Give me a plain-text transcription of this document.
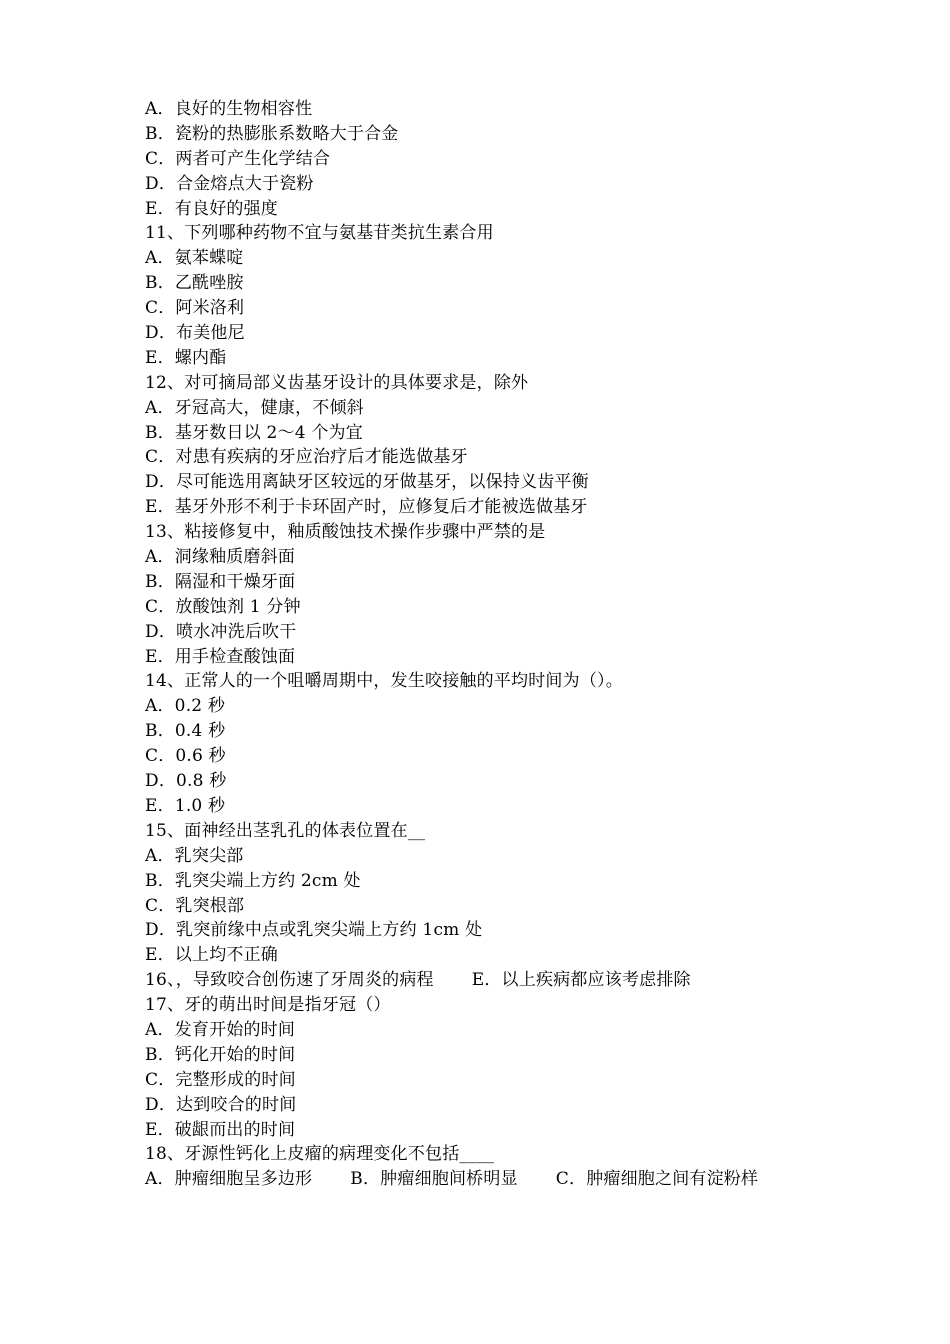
A．良好的生物相容性
B．瓷粉的热膨胀系数略大于合金
C．两者可产生化学结合
D．合金熔点大于瓷粉
E．有良好的强度
11、下列哪种药物不宜与氨基苷类抗生素合用
A．氨苯蝶啶
B．乙酰唑胺
C．阿米洛利
D．布美他尼
E．螺内酯
12、对可摘局部义齿基牙设计的具体要求是，除外
A．牙冠高大，健康，不倾斜
B．基牙数日以 2～4 个为宜
C．对患有疾病的牙应治疗后才能选做基牙
D．尽可能选用离缺牙区较远的牙做基牙，以保持义齿平衡
E．基牙外形不利于卡环固产时，应修复后才能被选做基牙
13、粘接修复中，釉质酸蚀技术操作步骤中严禁的是
A．洞缘釉质磨斜面
B．隔湿和干燥牙面
C．放酸蚀剂 1 分钟
D．喷水冲洗后吹干
E．用手检查酸蚀面
14、正常人的一个咀嚼周期中，发生咬接触的平均时间为（）。
A．0.2 秒
B．0.4 秒
C．0.6 秒
D．0.8 秒
E．1.0 秒
15、面神经出茎乳孔的体表位置在__
A．乳突尖部
B．乳突尖端上方约 2cm 处
C．乳突根部
D．乳突前缘中点或乳突尖端上方约 1cm 处
E．以上均不正确
16、，导致咬合创伤速了牙周炎的病程 E．以上疾病都应该考虑排除
17、牙的萌出时间是指牙冠（）
A．发育开始的时间
B．钙化开始的时间
C．完整形成的时间
D．达到咬合的时间
E．破龈而出的时间
18、牙源性钙化上皮瘤的病理变化不包括____
A．肿瘤细胞呈多边形 B．肿瘤细胞间桥明显 C．肿瘤细胞之间有淀粉样
